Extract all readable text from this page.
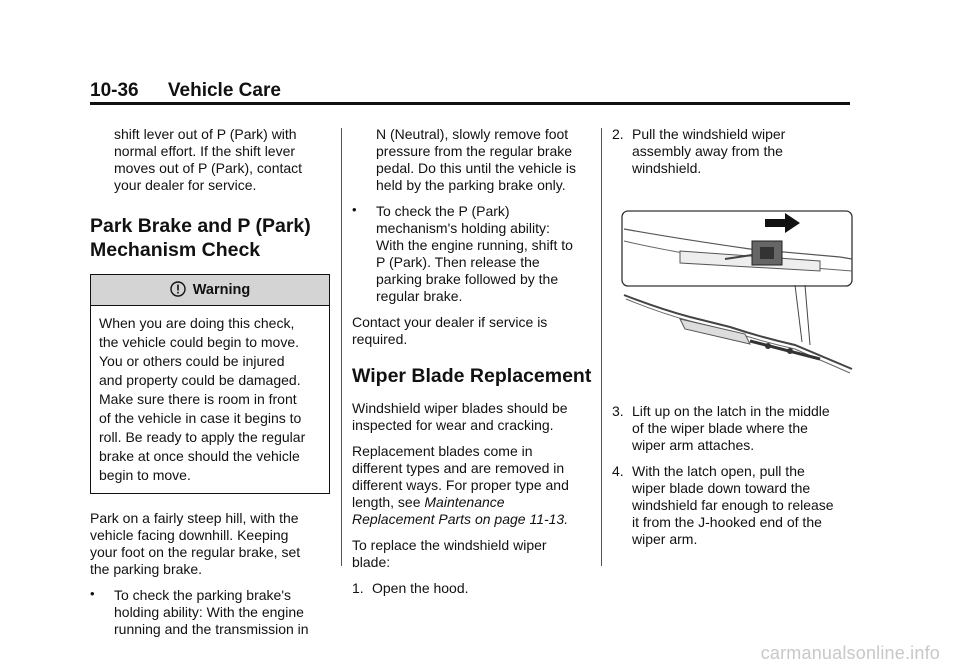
10-36 Vehicle Care

shift lever out of P (Park) with
normal effort. If the shift lever
moves out of P (Park), contact
your dealer for service.

Park Brake and P (Park)
Mechanism Check
Warning
When you are doing this check,
the vehicle could begin to move.
You or others could be injured
and property could be damaged.
Make sure there is room in front
of the vehicle in case it begins to
roll. Be ready to apply the regular
brake at once should the vehicle
begin to move.

Park on a fairly steep hill, with the
vehicle facing downhill. Keeping
your foot on the regular brake, set
the parking brake.

• To check the parking brake's
holding ability: With the engine
running and the transmission in

N (Neutral), slowly remove foot
pressure from the regular brake
pedal. Do this until the vehicle is
held by the parking brake only.

• To check the P (Park)
mechanism's holding ability:
With the engine running, shift to
P (Park). Then release the
parking brake followed by the
regular brake.

Contact your dealer if service is
required.

Wiper Blade Replacement

Windshield wiper blades should be
inspected for wear and cracking.

Replacement blades come in
different types and are removed in
different ways. For proper type and
length, see Maintenance
Replacement Parts on page 11-13.

To replace the windshield wiper
blade:

1. Open the hood.
2. Pull the windshield wiper
assembly away from the
windshield.
3. Lift up on the latch in the middle
of the wiper blade where the
wiper arm attaches.
4. With the latch open, pull the
wiper blade down toward the
windshield far enough to release
it from the J-hooked end of the
wiper arm.
carmanualsonline.info
